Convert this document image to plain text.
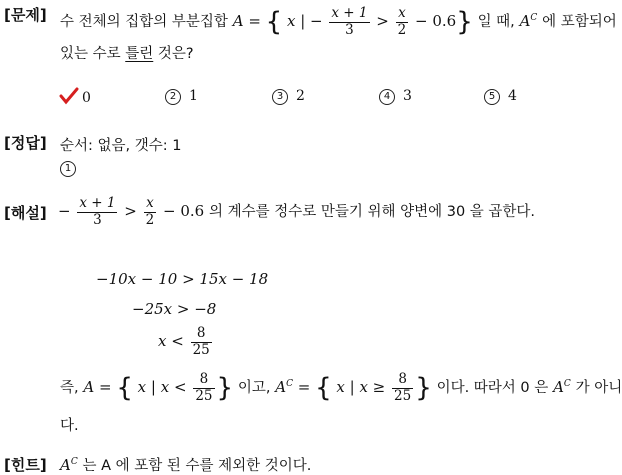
[문제] 수 전체의 집합의 부분집합 A = { x | − $\frac{x + 1}{3} > \frac{x}{2} - 0.6$} 일 때, $A^C$ 에 포함되어
있는 수로 틀린 것은?
0	2 1	3 2	4 3	5 4
[정답] 순서: 없음, 갯수: 1
1
[해설] − $\frac{x + 1}{3} > \frac{x}{2} - 0.6$ 의 계수를 정수로 만들기 위해 양변에 30 을 곱한다.
−10x − 10 > 15x − 18
−25x > −8
$x < \frac{8}{25}$
즉, A = { x | $x < \frac{8}{25}$ } 이고, $A^C$ = { x | $x \ge \frac{8}{25}$ } 이다. 따라서 0 은 $A^C$ 가 아니
다.
[힌트] $A^C$ 는 A 에 포함 된 수를 제외한 것이다.
